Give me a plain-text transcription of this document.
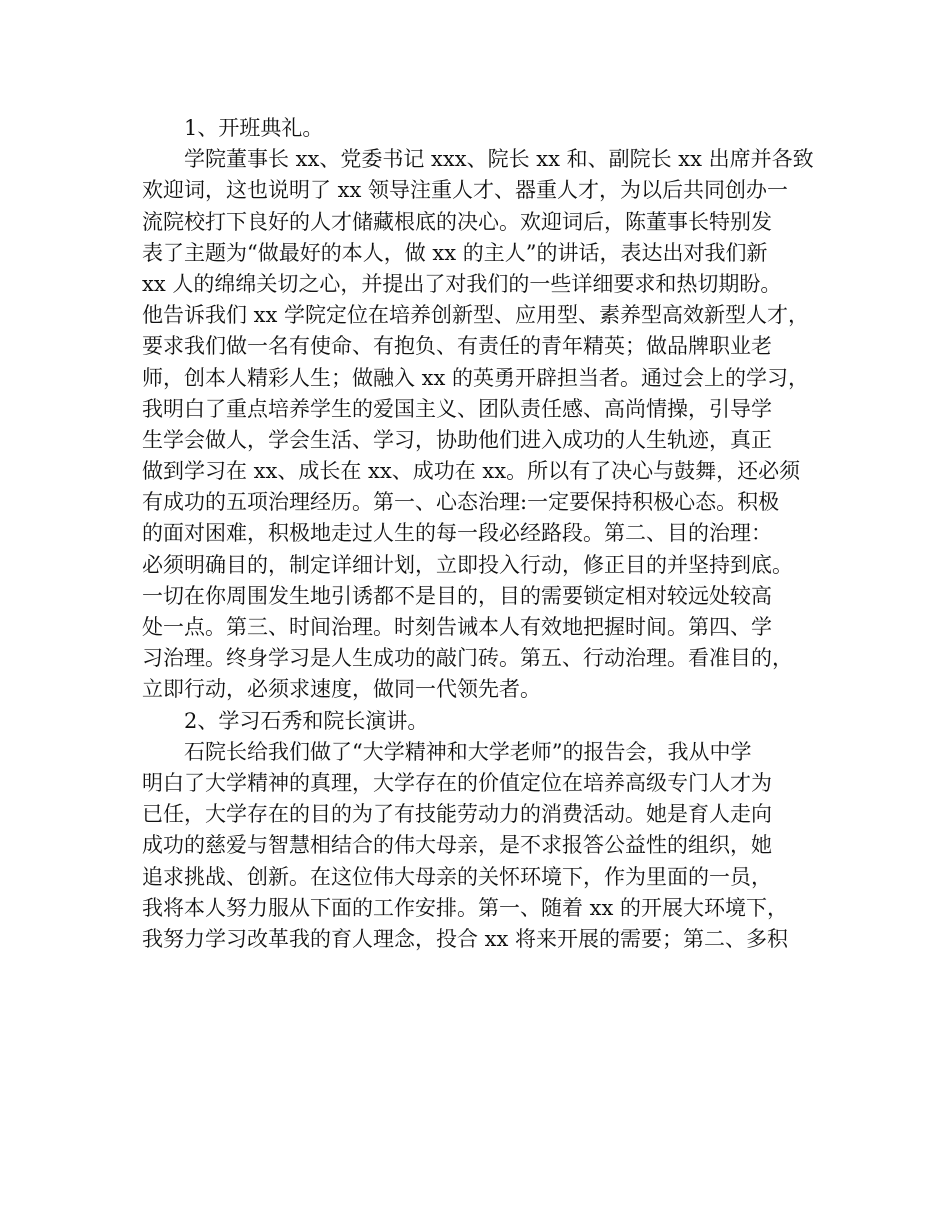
1、开班典礼。
学院董事长 xx、党委书记 xxx、院长 xx 和、副院长 xx 出席并各致
欢迎词，这也说明了 xx 领导注重人才、器重人才，为以后共同创办一
流院校打下良好的人才储藏根底的决心。欢迎词后，陈董事长特别发
表了主题为“做最好的本人，做 xx 的主人”的讲话，表达出对我们新
xx 人的绵绵关切之心，并提出了对我们的一些详细要求和热切期盼。
他告诉我们 xx 学院定位在培养创新型、应用型、素养型高效新型人才，
要求我们做一名有使命、有抱负、有责任的青年精英；做品牌职业老
师，创本人精彩人生；做融入 xx 的英勇开辟担当者。通过会上的学习，
我明白了重点培养学生的爱国主义、团队责任感、高尚情操，引导学
生学会做人，学会生活、学习，协助他们进入成功的人生轨迹，真正
做到学习在 xx、成长在 xx、成功在 xx。所以有了决心与鼓舞，还必须
有成功的五项治理经历。第一、心态治理:一定要保持积极心态。积极
的面对困难，积极地走过人生的每一段必经路段。第二、目的治理：
必须明确目的，制定详细计划，立即投入行动，修正目的并坚持到底。
一切在你周围发生地引诱都不是目的，目的需要锁定相对较远处较高
处一点。第三、时间治理。时刻告诫本人有效地把握时间。第四、学
习治理。终身学习是人生成功的敲门砖。第五、行动治理。看准目的，
立即行动，必须求速度，做同一代领先者。
2、学习石秀和院长演讲。
石院长给我们做了“大学精神和大学老师”的报告会，我从中学
明白了大学精神的真理，大学存在的价值定位在培养高级专门人才为
已任，大学存在的目的为了有技能劳动力的消费活动。她是育人走向
成功的慈爱与智慧相结合的伟大母亲，是不求报答公益性的组织，她
追求挑战、创新。在这位伟大母亲的关怀环境下，作为里面的一员，
我将本人努力服从下面的工作安排。第一、随着 xx 的开展大环境下，
我努力学习改革我的育人理念，投合 xx 将来开展的需要；第二、多积
